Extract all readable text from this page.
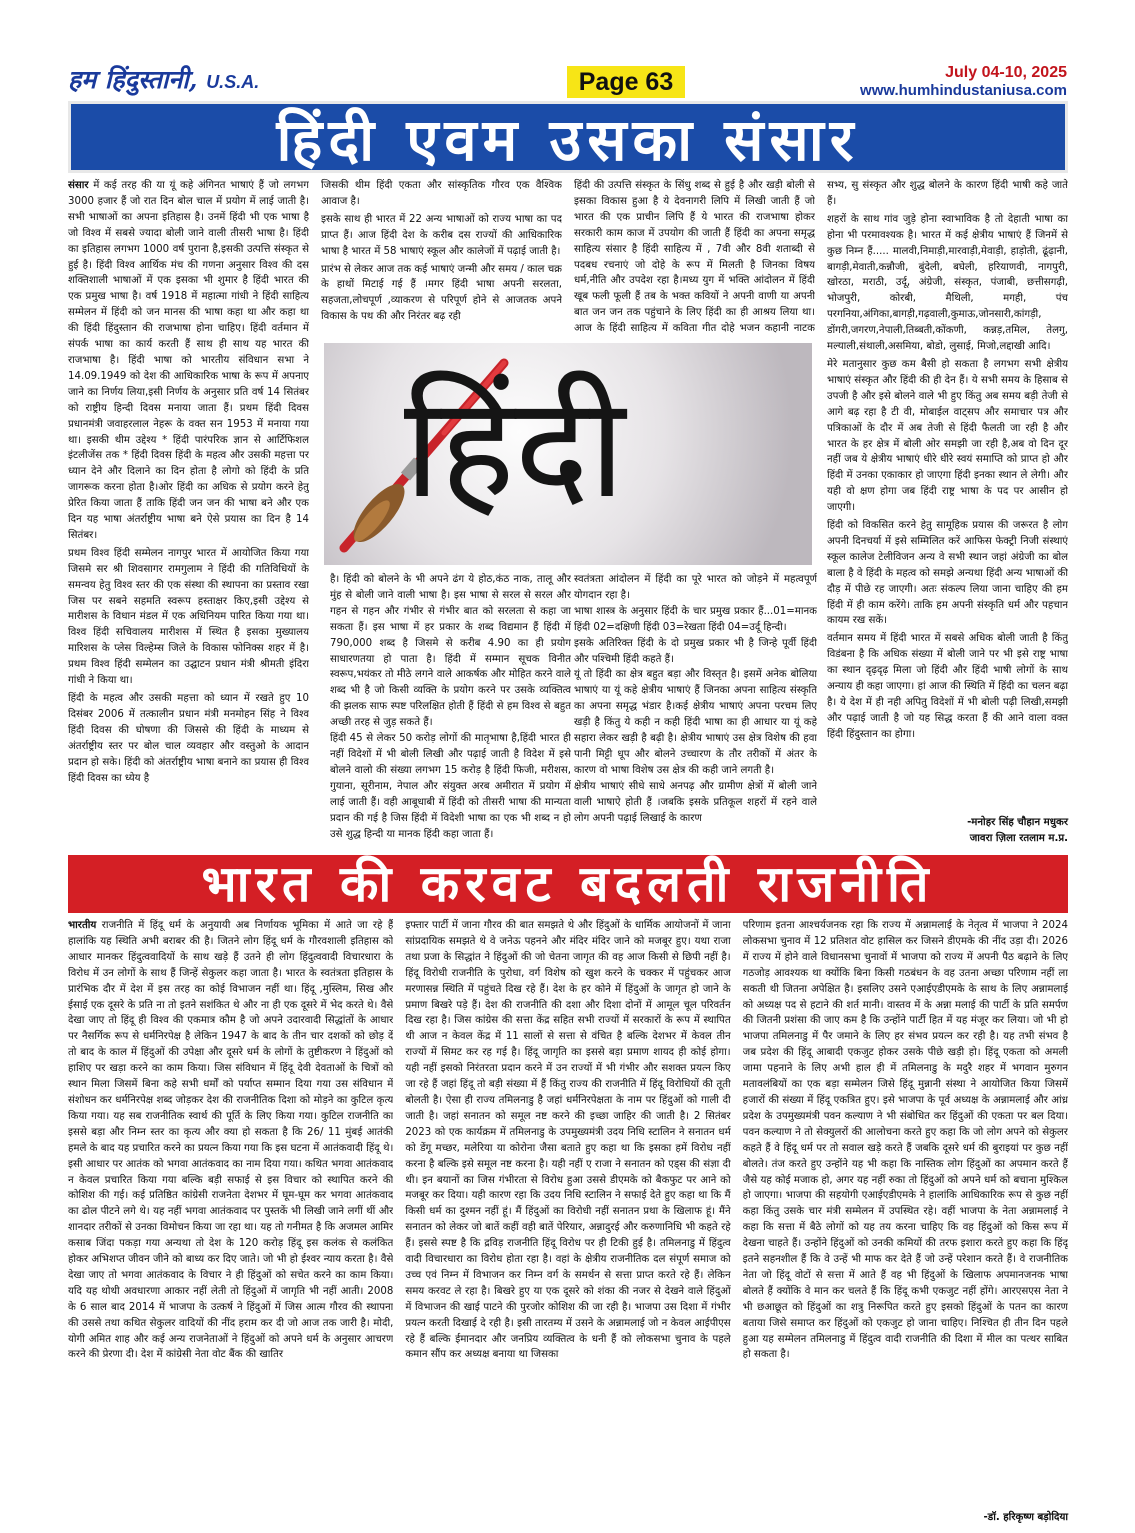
हम हिंदुस्तानी, U.S.A.	Page 63	July 04-10, 2025
www.humhindustaniusa.com
हिंदी एवम उसका संसार

संसार में कई तरह की या यूं कहे अंगिनत भाषाएं हैं जो लगभग 3000 हजार हैं जो रात दिन बोल चाल में प्रयोग में लाई जाती है। सभी भाषाओं का अपना इतिहास है। उनमें हिंदी भी एक भाषा है जो विश्व में सबसे ज्यादा बोली जाने वाली तीसरी भाषा है। हिंदी का इतिहास लगभग 1000 वर्ष पुराना है,इसकी उत्पत्ति संस्कृत से हुई है। हिंदी विश्व आर्थिक मंच की गणना अनुसार विश्व की दस शक्तिशाली भाषाओं में एक इसका भी शुमार है हिंदी भारत की एक प्रमुख भाषा है। वर्ष 1918 में महात्मा गांधी ने हिंदी साहित्य सम्मेलन में हिंदी को जन मानस की भाषा कहा था और कहा था की हिंदी हिंदुस्तान की राजभाषा होना चाहिए। हिंदी वर्तमान में संपर्क भाषा का कार्य करती हैं साथ ही साथ यह भारत की राजभाषा है। हिंदी भाषा को भारतीय संविधान सभा ने 14.09.1949 को देश की आधिकारिक भाषा के रूप में अपनाए जाने का निर्णय लिया,इसी निर्णय के अनुसार प्रति वर्ष 14 सितंबर को राष्ट्रीय हिन्दी दिवस मनाया जाता हैं। प्रथम हिंदी दिवस प्रधानमंत्री जवाहरलाल नेहरू के वक्त सन 1953 में मनाया गया था। इसकी थीम उद्देश्य * हिंदी पारंपरिक ज्ञान से आर्टिफिशल इंटलीजेंस तक * हिंदी दिवस हिंदी के महत्व और उसकी महत्ता पर ध्यान देने और दिलाने का दिन होता है लोगो को हिंदी के प्रति जागरूक करना होता है।ओर हिंदी का अधिक से प्रयोग करने हेतु प्रेरित किया जाता हैं ताकि हिंदी जन जन की भाषा बने और एक दिन यह भाषा अंतर्राष्ट्रीय भाषा बने ऐसे प्रयास का दिन है 14 सितंबर।

प्रथम विश्व हिंदी सम्मेलन नागपुर भारत में आयोजित किया गया जिसमे सर श्री शिवसागर रामगुलाम ने हिंदी की गतिविधियों के समन्वय हेतु विश्व स्तर की एक संस्था की स्थापना का प्रस्ताव रखा जिस पर सबने सहमति स्वरूप हस्ताक्षर किए,इसी उद्देश्य से मारीशस के विधान मंडल में एक अधिनियम पारित किया गया था। विश्व हिंदी सचिवालय मारीशस में स्थित है इसका मुख्यालय मारिशस के प्लेस विल्हेम्स जिले के विकास फोनिक्स शहर में है। प्रथम विश्व हिंदी सम्मेलन का उद्घाटन प्रधान मंत्री श्रीमती इंदिरा गांधी ने किया था।

हिंदी के महत्व और उसकी महत्ता को ध्यान में रखते हुए 10 दिसंबर 2006 में तत्कालीन प्रधान मंत्री मनमोहन सिंह ने विश्व हिंदी दिवस की घोषणा की जिससे की हिंदी के माध्यम से अंतर्राष्ट्रीय स्तर पर बोल चाल व्यवहार और वस्तुओ के आदान प्रदान हो सके। हिंदी को अंतर्राष्ट्रीय भाषा बनाने का प्रयास ही विश्व हिंदी दिवस का ध्येय है

जिसकी थीम हिंदी एकता और सांस्कृतिक गौरव एक वैश्विक आवाज है।

इसके साथ ही भारत में 22 अन्य भाषाओं को राज्य भाषा का पद प्राप्त हैं। आज हिंदी देश के करीब दस राज्यों की आधिकारिक भाषा है भारत में 58 भाषाएं स्कूल और कालेजों में पढ़ाई जाती है।

प्रारंभ से लेकर आज तक कई भाषाएं जन्मी और समय / काल चक्र के हाथों मिटाई गई हैं ।मगर हिंदी भाषा अपनी सरलता, सहजता,लोचपूर्ण ,व्याकरण से परिपूर्ण होने से आजतक अपने विकास के पथ की और निरंतर बढ़ रही

हिंदी की उत्पत्ति संस्कृत के सिंधु शब्द से हुई है और खड़ी बोली से इसका विकास हुआ है ये देवनागरी लिपि में लिखी जाती हैं जो भारत की एक प्राचीन लिपि हैं ये भारत की राजभाषा होकर सरकारी काम काज में उपयोग की जाती हैं हिंदी का अपना समृद्ध साहित्य संसार है हिंदी साहित्य में , 7वी और 8वी शताब्दी से पदबध रचनाएं जो दोहे के रूप में मिलती है जिनका विषय धर्म,नीति और उपदेश रहा है।मध्य युग में भक्ति आंदोलन में हिंदी खूब फली फूली हैं तब के भक्त कवियों ने अपनी वाणी या अपनी बात जन जन तक पहुंचाने के लिए हिंदी का ही आश्रय लिया था।आज के हिंदी साहित्य में कविता गीत दोहे भजन कहानी नाटक

सभ्य, सु संस्कृत और शुद्ध बोलने के कारण हिंदी भाषी कहे जाते हैं।

शहरों के साथ गांव जुड़े होना स्वाभाविक है तो देहाती भाषा का होना भी परमावश्यक है। भारत में कई क्षेत्रीय भाषाएं हैं जिनमें से कुछ निम्न हैं..... मालवी,निमाड़ी,मारवाड़ी,मेवाड़ी, हाड़ोती, ढूंढ़ानी, बागड़ी,मेवाती,कन्नौजी, बुंदेली, बघेली, हरियाणवी, नागपुरी, खोरठा, मराठी, उर्दू, अंग्रेजी, संस्कृत, पंजाबी, छत्तीसगढ़ी, भोजपुरी, कोरबी, मैथिली, मगही, पंच परगनिया,अंगिका,बागड़ी,गढ़वाली,कुमाऊ,जोनसारी,कांगड़ी, डोंगरी,जगरण,नेपाली,तिब्बती,कोंकणी, कन्नड़,तमिल, तेलगु, मल्याली,संथाली,असमिया, बोडो, लुसाई, मिजो,लद्दाखी आदि।

मेरे मतानुसार कुछ कम बैसी हो सकता है लगभग सभी क्षेत्रीय भाषाएं संस्कृत और हिंदी की ही देन हैं। ये सभी समय के हिसाब से उपजी है और इसे बोलने वाले भी हुए किंतु अब समय बड़ी तेजी से आगे बढ़ रहा है टी वी, मोबाईल वाट्सप और समाचार पत्र और पत्रिकाओं के दौर में अब तेजी से हिंदी फैलती जा रही है और भारत के हर क्षेत्र में बोली ओर समझी जा रही है,अब वो दिन दूर नहीं जब ये क्षेत्रीय भाषाएं धीरे धीरे स्वयं समाप्ति को प्राप्त हो और हिंदी में उनका एकाकार हो जाएगा हिंदी इनका स्थान ले लेगी। और यही वो क्षण होगा जब हिंदी राष्ट्र भाषा के पद पर आसीन हो जाएगी।

हिंदी को विकसित करने हेतु सामूहिक प्रयास की जरूरत है लोग अपनी दिनचर्या में इसे सम्मिलित करें आफिस फेक्ट्री निजी संस्थाएं स्कूल कालेज टेलीविजन अन्य वे सभी स्थान जहां अंग्रेजी का बोल बाला है वे हिंदी के महत्व को समझे अन्यथा हिंदी अन्य भाषाओं की दौड़ में पीछे रह जाएगी। अतः संकल्प लिया जाना चाहिए की हम हिंदी में ही काम करेंगे। ताकि हम अपनी संस्कृति धर्म और पहचान कायम रख सकें।

वर्तमान समय में हिंदी भारत में सबसे अधिक बोली जाती है किंतु विडंबना है कि अधिक संख्या में बोली जाने पर भी इसे राष्ट्र भाषा का स्थान दृढ़दृढ़ मिला जो हिंदी और हिंदी भाषी लोगों के साथ अन्याय ही कहा जाएगा। हां आज की स्थिति में हिंदी का चलन बढ़ा है। ये देश में ही नही अपितु विदेशों में भी बोली पढ़ी लिखी,समझी और पढ़ाई जाती है जो यह सिद्ध करता हैं की आने वाला वक्त हिंदी हिंदुस्तान का होगा।

हिंदी

है। हिंदी को बोलने के भी अपने ढंग ये होठ,कंठ नाक, तालू और मुंह से बोली जाने वाली भाषा है। इस भाषा से सरल से सरल और गहन से गहन और गंभीर से गंभीर बात को सरलता से कहा जा सकता हैं। इस भाषा में हर प्रकार के शब्द विद्यमान हैं हिंदी में 790,000 शब्द है जिसमे से करीब 4.90 का ही प्रयोग साधारणतया हो पाता है। हिंदी में सम्मान सूचक विनीत स्वरूप,भयंकर तो मीठे लगने वाले आकर्षक और मोहित करने वाले शब्द भी है जो किसी व्यक्ति के प्रयोग करने पर उसके व्यक्तित्व की झलक साफ स्पष्ट परिलक्षित होती हैं हिंदी से हम विश्व से बहुत अच्छी तरह से जुड़ सकते हैं।

हिंदी 45 से लेकर 50 करोड़ लोगों की मातृभाषा है,हिंदी भारत ही नहीं विदेशों में भी बोली लिखी और पढ़ाई जाती है विदेश में इसे बोलने वालो की संख्या लगभग 15 करोड़ है हिंदी फिजी, मरीशस, गुयाना, सूरीनाम, नेपाल और संयुक्त अरब अमीरात में प्रयोग में लाई जाती हैं। वही आबूधाबी में हिंदी को तीसरी भाषा की मान्यता प्रदान की गई है जिस हिंदी में विदेशी भाषा का एक भी शब्द न हो उसे शुद्ध हिन्दी या मानक हिंदी कहा जाता हैं।

स्वतंत्रता आंदोलन में हिंदी का पूरे भारत को जोड़ने में महत्वपूर्ण योगदान रहा है।

भाषा शास्त्र के अनुसार हिंदी के चार प्रमुख प्रकार हैं...01=मानक हिंदी 02=दक्षिणी हिंदी 03=रेखता हिंदी 04=उर्दू हिन्दी।

इसके अतिरिक्त हिंदी के दो प्रमुख प्रकार भी है जिन्हे पूर्वी हिंदी और पश्चिमी हिंदी कहते हैं।

यूं तो हिंदी का क्षेत्र बहुत बड़ा और विस्तृत है। इसमें अनेक बोलिया भाषाएं या यूं कहे क्षेत्रीय भाषाएं हैं जिनका अपना साहित्य संस्कृति का अपना समृद्ध भंडार है।कई क्षेत्रीय भाषाएं अपना परचम लिए खड़ी है किंतु ये कही न कही हिंदी भाषा का ही आधार या यूं कहे सहारा लेकर खड़ी है बढ़ी है। क्षेत्रीय भाषाएं उस क्षेत्र विशेष की हवा पानी मिट्टी धूप और बोलने उच्चारण के तौर तरीकों में अंतर के कारण वो भाषा विशेष उस क्षेत्र की कही जाने लगती है।

क्षेत्रीय भाषाएं सीधे साधे अनपढ़ और ग्रामीण क्षेत्रों में बोली जाने वाली भाषाऐ होती हैं ।जबकि इसके प्रतिकूल शहरों में रहने वाले लोग अपनी पढ़ाई लिखाई के कारण	-मनोहर सिंह चौहान मधुकर
जावरा ज़िला रतलाम म.प्र.
भारत की करवट बदलती राजनीति

भारतीय राजनीति में हिंदू धर्म के अनुयायी अब निर्णायक भूमिका में आते जा रहे हैं हालांकि यह स्थिति अभी बराबर की है। जितने लोग हिंदू धर्म के गौरवशाली इतिहास को आधार मानकर हिंदुत्ववादियों के साथ खड़े हैं उतने ही लोग हिंदुत्ववादी विचारधारा के विरोध में उन लोगों के साथ हैं जिन्हें सेकुलर कहा जाता है। भारत के स्वतंत्रता इतिहास के प्रारंभिक दौर में देश में इस तरह का कोई विभाजन नहीं था। हिंदू ,मुस्लिम, सिख और ईसाई एक दूसरे के प्रति ना तो इतने सशंकित थे और ना ही एक दूसरे में भेद करते थे। वैसे देखा जाए तो हिंदू ही विश्व की एकमात्र कौम है जो अपने उदारवादी सिद्धांतों के आधार पर नैसर्गिक रूप से धर्मनिरपेक्ष है लेकिन 1947 के बाद के तीन चार दशकों को छोड़ दें तो बाद के काल में हिंदुओं की उपेक्षा और दूसरे धर्म के लोगों के तुष्टीकरण ने हिंदुओं को हाशिए पर खड़ा करने का काम किया। जिस संविधान में हिंदू देवी देवताओं के चित्रों को स्थान मिला जिसमें बिना कहे सभी धर्मों को पर्याप्त सम्मान दिया गया उस संविधान में संशोधन कर धर्मनिरपेक्ष शब्द जोड़कर देश की राजनीतिक दिशा को मोड़ने का कुटिल कृत्य किया गया। यह सब राजनीतिक स्वार्थ की पूर्ति के लिए किया गया। कुटिल राजनीति का इससे बड़ा और निम्न स्तर का कृत्य और क्या हो सकता है कि 26/ 11 मुंबई आतंकी हमले के बाद यह प्रचारित करने का प्रयत्न किया गया कि इस घटना में आतंकवादी हिंदू थे। इसी आधार पर आतंक को भगवा आतंकवाद का नाम दिया गया। कथित भगवा आतंकवाद न केवल प्रचारित किया गया बल्कि बड़ी सफाई से इस विचार को स्थापित करने की कोशिश की गई। कई प्रतिष्ठित कांग्रेसी राजनेता देशभर में घूम-घूम कर भगवा आतंकवाद का ढोल पीटने लगे थे। यह नहीं भगवा आतंकवाद पर पुस्तकें भी लिखी जाने लगीं थीं और शानदार तरीकों से उनका विमोचन किया जा रहा था। यह तो गनीमत है कि अजमल आमिर कसाब जिंदा पकड़ा गया अन्यथा तो देश के 120 करोड़ हिंदू इस कलंक से कलंकित होकर अभिशप्त जीवन जीने को बाध्य कर दिए जाते। जो भी हो ईश्वर न्याय करता है। वैसे देखा जाए तो भगवा आतंकवाद के विचार ने ही हिंदुओं को सचेत करने का काम किया। यदि यह थोथी अवधारणा आकार नहीं लेती तो हिंदुओं में जागृति भी नहीं आती। 2008 के 6 साल बाद 2014 में भाजपा के उत्कर्ष ने हिंदुओं में जिस आत्म गौरव की स्थापना की उससे तथा कथित सेकुलर वादियों की नींद हराम कर दी जो आज तक जारी है। मोदी, योगी अमित शाह और कई अन्य राजनेताओं ने हिंदुओं को अपने धर्म के अनुसार आचरण करने की प्रेरणा दी। देश में कांग्रेसी नेता वोट बैंक की खातिर

इफ्तार पार्टी में जाना गौरव की बात समझते थे और हिंदुओं के धार्मिक आयोजनों में जाना सांप्रदायिक समझते थे वे जनेऊ पहनने और मंदिर मंदिर जाने को मजबूर हुए। यथा राजा तथा प्रजा के सिद्धांत ने हिंदुओं की जो चेतना जागृत की वह आज किसी से छिपी नहीं है। हिंदू विरोधी राजनीति के पुरोधा, वर्ग विशेष को खुश करने के चक्कर में पहुंचकर आज मरणासन्न स्थिति में पहुंचते दिख रहे हैं। देश के हर कोने में हिंदुओं के जागृत हो जाने के प्रमाण बिखरे पड़े हैं। देश की राजनीति की दशा और दिशा दोनों में आमूल चूल परिवर्तन दिख रहा है। जिस कांग्रेस की सत्ता केंद्र सहित सभी राज्यों में सरकारों के रूप में स्थापित थी आज न केवल केंद्र में 11 सालों से सत्ता से वंचित है बल्कि देशभर में केवल तीन राज्यों में सिमट कर रह गई है। हिंदू जागृति का इससे बड़ा प्रमाण शायद ही कोई होगा। यही नहीं इसको निरंतरता प्रदान करने में उन राज्यों में भी गंभीर और सशक्त प्रयत्न किए जा रहे हैं जहां हिंदू तो बड़ी संख्या में हैं किंतु राज्य की राजनीति में हिंदू विरोधियों की तूती बोलती है। ऐसा ही राज्य तमिलनाडु है जहां धर्मनिरपेक्षता के नाम पर हिंदुओं को गाली दी जाती है। जहां सनातन को समूल नष्ट करने की इच्छा जाहिर की जाती है। 2 सितंबर 2023 को एक कार्यक्रम में तमिलनाडु के उपमुख्यमंत्री उदय निधि स्टालिन ने सनातन धर्म को डेंगू मच्छर, मलेरिया या कोरोना जैसा बताते हुए कहा था कि इसका हमें विरोध नहीं करना है बल्कि इसे समूल नष्ट करना है। यही नहीं ए राजा ने सनातन को एड्स की संज्ञा दी थी। इन बयानों का जिस गंभीरता से विरोध हुआ उससे डीएमके को बैकफुट पर आने को मजबूर कर दिया। यही कारण रहा कि उदय निधि स्टालिन ने सफाई देते हुए कहा था कि मैं किसी धर्म का दुश्मन नहीं हूं। मैं हिंदुओं का विरोधी नहीं सनातन प्रथा के खिलाफ हूं। मैंने सनातन को लेकर जो बातें कहीं वही बातें पेरियार, अन्नादुरई और करुणानिधि भी कहते रहे हैं। इससे स्पष्ट है कि द्रविड़ राजनीति हिंदू विरोध पर ही टिकी हुई है। तमिलनाडु में हिंदुत्व वादी विचारधारा का विरोध होता रहा है। वहां के क्षेत्रीय राजनीतिक दल संपूर्ण समाज को उच्च एवं निम्न में विभाजन कर निम्न वर्ग के समर्थन से सत्ता प्राप्त करते रहे हैं। लेकिन समय करवट ले रहा है। बिखरे हुए या एक दूसरे को शंका की नजर से देखने वाले हिंदुओं में विभाजन की खाई पाटने की पुरजोर कोशिश की जा रही है। भाजपा उस दिशा में गंभीर प्रयत्न करती दिखाई दे रही है। इसी तारतम्य में उसने के अन्नामलाई जो न केवल आईपीएस रहे हैं बल्कि ईमानदार और जनप्रिय व्यक्तित्व के धनी हैं को लोकसभा चुनाव के पहले कमान सौंप कर अध्यक्ष बनाया था जिसका

परिणाम इतना आश्चर्यजनक रहा कि राज्य में अन्नामलाई के नेतृत्व में भाजपा ने 2024 लोकसभा चुनाव में 12 प्रतिशत वोट हासिल कर जिसने डीएमके की नींद उड़ा दी। 2026 में राज्य में होने वाले विधानसभा चुनावों में भाजपा को राज्य में अपनी पैठ बढ़ाने के लिए गठजोड़ आवश्यक था क्योंकि बिना किसी गठबंधन के वह उतना अच्छा परिणाम नहीं ला सकती थी जितना अपेक्षित है। इसलिए उसने एआईएडीएमके के साथ के लिए अन्नामलाई को अध्यक्ष पद से हटाने की शर्त मानी। वास्तव में के अन्ना मलाई की पार्टी के प्रति समर्पण की जितनी प्रशंसा की जाए कम है कि उन्होंने पार्टी हित में यह मंजूर कर लिया। जो भी हो भाजपा तमिलनाडु में पैर जमाने के लिए हर संभव प्रयत्न कर रही है। यह तभी संभव है जब प्रदेश की हिंदू आबादी एकजुट होकर उसके पीछे खड़ी हो। हिंदू एकता को अमली जामा पहनाने के लिए अभी हाल ही में तमिलनाडु के मदुरै शहर में भगवान मुरुगन मतावलंबियों का एक बड़ा सम्मेलन जिसे हिंदू मुन्नानी संस्था ने आयोजित किया जिसमें हजारों की संख्या में हिंदू एकत्रित हुए। इसे भाजपा के पूर्व अध्यक्ष के अन्नामलाई और आंध्र प्रदेश के उपमुख्यमंत्री पवन कल्याण ने भी संबोधित कर हिंदुओं की एकता पर बल दिया। पवन कल्याण ने तो सेक्युलरों की आलोचना करते हुए कहा कि जो लोग अपने को सेकुलर कहते हैं वे हिंदू धर्म पर तो सवाल खड़े करते हैं जबकि दूसरे धर्म की बुराइयां पर कुछ नहीं बोलते। तंज करते हुए उन्होंने यह भी कहा कि नास्तिक लोग हिंदुओं का अपमान करते हैं जैसे यह कोई मजाक हो, अगर यह नहीं रुका तो हिंदुओं को अपने धर्म को बचाना मुश्किल हो जाएगा। भाजपा की सहयोगी एआईएडीएमके ने हालांकि आधिकारिक रूप से कुछ नहीं कहा किंतु उसके चार मंत्री सम्मेलन में उपस्थित रहे। वहीं भाजपा के नेता अन्नामलाई ने कहा कि सत्ता में बैठे लोगों को यह तय करना चाहिए कि वह हिंदुओं को किस रूप में देखना चाहते हैं। उन्होंने हिंदुओं को उनकी कमियों की तरफ इशारा करते हुए कहा कि हिंदू इतने सहनशील हैं कि वे उन्हें भी माफ कर देते हैं जो उन्हें परेशान करते हैं। वे राजनीतिक नेता जो हिंदू वोटों से सत्ता में आते हैं वह भी हिंदुओं के खिलाफ अपमानजनक भाषा बोलते हैं क्योंकि वे मान कर चलते हैं कि हिंदू कभी एकजुट नहीं होंगे। आरएसएस नेता ने भी छआछूत को हिंदुओं का शत्रु निरूपित करते हुए इसको हिंदुओं के पतन का कारण बताया जिसे समाप्त कर हिंदुओं को एकजुट हो जाना चाहिए। निश्चित ही तीन दिन पहले हुआ यह सम्मेलन तमिलनाडु में हिंदुत्व वादी राजनीति की दिशा में मील का पत्थर साबित हो सकता है।

-डॉ. हरिकृष्ण बड़ोदिया
